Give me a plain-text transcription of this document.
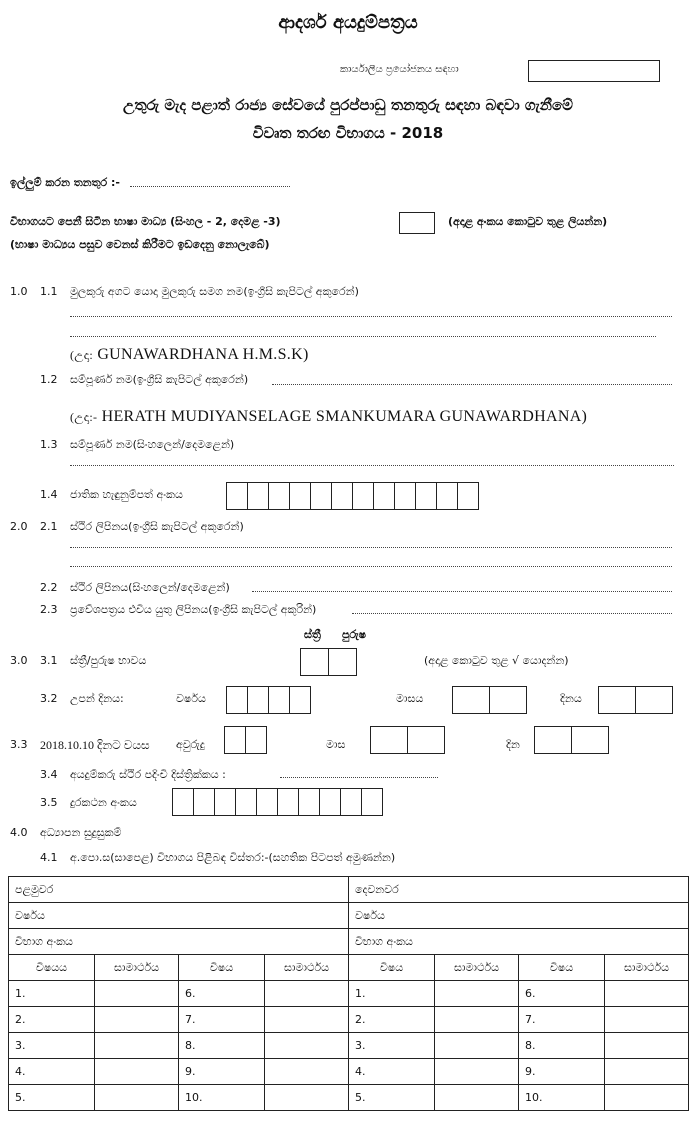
ආදර්ශ අයදුම්පත්‍රය
කාර්යාලීය ප්‍රයෝජනය සඳහා
උතුරු මැද පළාත් රාජ්‍ය සේවයේ පුරප්පාඩු තනතුරු සඳහා බඳවා ගැනීමේ
විවෘත තරඟ විභාගය - 2018
ඉල්ලුම් කරන තනතුර :-
විභාගයට පෙනී සිටින භාෂා මාධ්‍ය (සිංහල - 2, දෙමළ -3)	(අදාළ අංකය කොටුව තුළ ලියන්න)
(භාෂා මාධ්‍යය පසුව වෙනස් කිරීමට ඉඩදෙනු නොලැබේ)
1.0 1.1 මුලකුරු අගට යොදා මුලකුරු සමග නම(ඉංග්‍රීසි කැපිටල් අකුරෙන්)
(උදා: GUNAWARDHANA H.M.S.K)
1.2 සම්පූර්ණ නම(ඉංග්‍රීසි කැපිටල් අකුරෙන්)
(උදා:- HERATH MUDIYANSELAGE SMANKUMARA GUNAWARDHANA)
1.3 සම්පූර්ණ නම(සිංහලෙන්/දෙමළෙන්)
1.4 ජාතික හැඳුනුම්පත් අංකය
2.0 2.1 ස්ථිර ලිපිනය(ඉංග්‍රීසි කැපිටල් අකුරෙන්)
2.2 ස්ථිර ලිපිනය(සිංහලෙන්/දෙමළෙන්)
2.3 ප්‍රවේශපත්‍රය එවිය යුතු ලිපිනය(ඉංග්‍රීසි කැපිටල් අකුරින්)
ස්ත්‍රී පුරුෂ
3.0 3.1 ස්ත්‍රී/පුරුෂ භාවය	(අදාළ කොටුව තුළ √ යොදන්න)
3.2 උපන් දිනය:	වර්ෂය	මාසය	දිනය
3.3 2018.10.10 දිනට වයස අවුරුදු	මාස	දින
3.4 අයදුම්කරු ස්ථිර පදිංචි දිස්ත්‍රික්කය :
3.5 දුරකථන අංකය
4.0 අධ්‍යාපන සුදුසුකම්
4.1 අ.පො.ස(සාපෙළ) විභාගය පිළිබඳ විස්තර:-(සහතික පිටපත් අමුණන්න)
පළමුවර				දෙවනවර			
වර්ෂය				වර්ෂය			
විභාග අංකය				විභාග අංකය			
විෂයය	සාමාර්ථය	විෂය	සාමාර්ථය	විෂය	සාමාර්ථය	විෂය	සාමාර්ථය
1.		6.		1.		6.	
2.		7.		2.		7.	
3.		8.		3.		8.	
4.		9.		4.		9.	
5.		10.		5.		10.	
